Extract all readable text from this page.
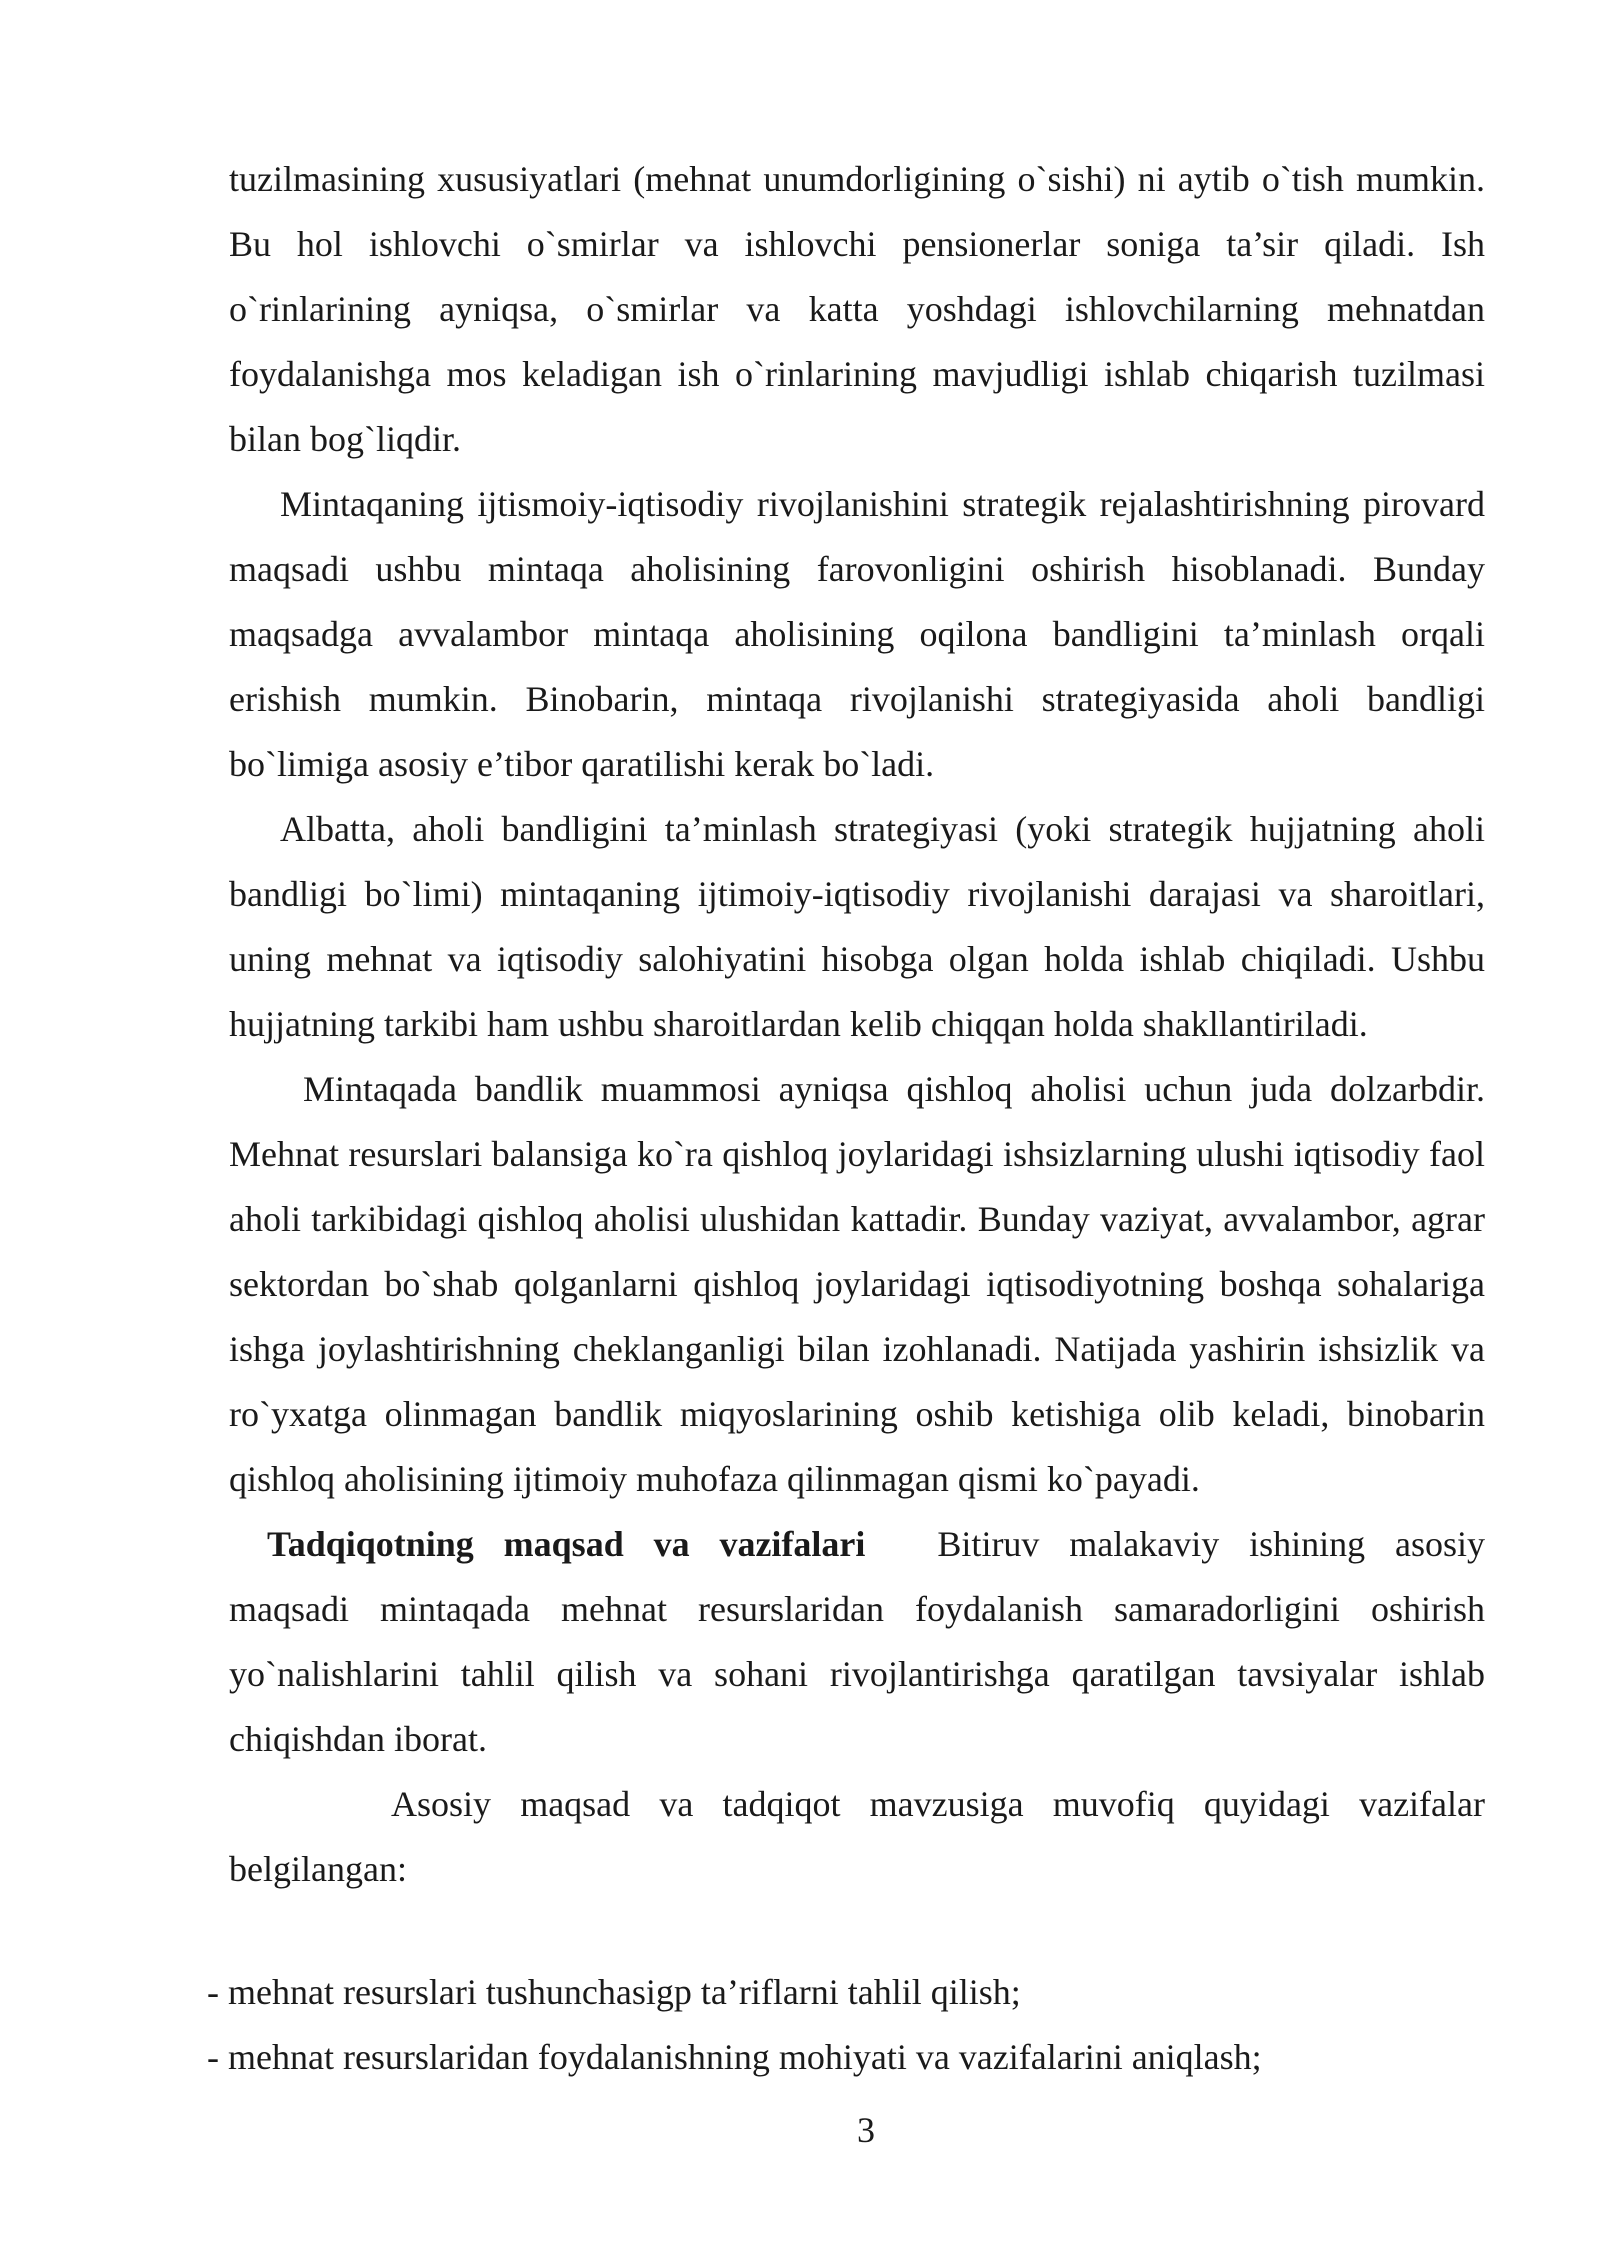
tuzilmasining xususiyatlari (mehnat unumdorligining o`sishi) ni aytib o`tish mumkin. Bu hol ishlovchi o`smirlar va ishlovchi pensionerlar soniga ta’sir qiladi. Ish o`rinlarining ayniqsa, o`smirlar va katta yoshdagi ishlovchilarning mehnatdan foydalanishga mos keladigan ish o`rinlarining mavjudligi ishlab chiqarish tuzilmasi bilan bog`liqdir.

Mintaqaning ijtismoiy-iqtisodiy rivojlanishini strategik rejalashtirishning pirovard maqsadi ushbu mintaqa aholisining farovonligini oshirish hisoblanadi. Bunday maqsadga avvalambor mintaqa aholisining oqilona bandligini ta’minlash orqali erishish mumkin. Binobarin, mintaqa rivojlanishi strategiyasida aholi bandligi bo`limiga asosiy e’tibor qaratilishi kerak bo`ladi.

Albatta, aholi bandligini ta’minlash strategiyasi (yoki strategik hujjatning aholi bandligi bo`limi) mintaqaning ijtimoiy-iqtisodiy rivojlanishi darajasi va sharoitlari, uning mehnat va iqtisodiy salohiyatini hisobga olgan holda ishlab chiqiladi. Ushbu hujjatning tarkibi ham ushbu sharoitlardan kelib chiqqan holda shakllantiriladi.

Mintaqada bandlik muammosi ayniqsa qishloq aholisi uchun juda dolzarbdir. Mehnat resurslari balansiga ko`ra qishloq joylaridagi ishsizlarning ulushi iqtisodiy faol aholi tarkibidagi qishloq aholisi ulushidan kattadir. Bunday vaziyat, avvalambor, agrar sektordan bo`shab qolganlarni qishloq joylaridagi iqtisodiyotning boshqa sohalariga ishga joylashtirishning cheklanganligi bilan izohlanadi. Natijada yashirin ishsizlik va ro`yxatga olinmagan bandlik miqyoslarining oshib ketishiga olib keladi, binobarin qishloq aholisining ijtimoiy muhofaza qilinmagan qismi ko`payadi.

Tadqiqotning maqsad va vazifalari Bitiruv malakaviy ishining asosiy maqsadi mintaqada mehnat resurslaridan foydalanish samaradorligini oshirish yo`nalishlarini tahlil qilish va sohani rivojlantirishga qaratilgan tavsiyalar ishlab chiqishdan iborat.

Asosiy maqsad va tadqiqot mavzusiga muvofiq quyidagi vazifalar belgilangan:

- mehnat resurslari tushunchasigp ta’riflarni tahlil qilish;
- mehnat resurslaridan foydalanishning mohiyati va vazifalarini aniqlash;
3
